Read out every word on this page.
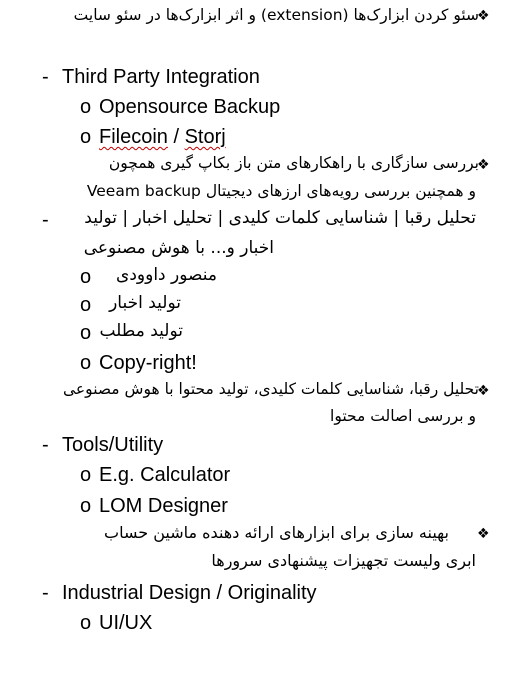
❖
سئو کردن ابزارک‌ها (extension) و اثر ابزارک‌ها در سئو سایت
- Third Party Integration
o Opensource Backup
o Filecoin / Storj
❖
بررسی سازگاری با راهکارهای متن باز بکاپ گیری همچون
Veeam backup و همچنین بررسی رویه‌های ارزهای دیجیتال
- تحلیل رقبا | شناسایی کلمات کلیدی | تحلیل اخبار | تولید
اخبار و... با هوش مصنوعی
o منصور داوودی
o تولید اخبار
o تولید مطلب
o Copy-right!
❖
تحلیل رقبا، شناسایی کلمات کلیدی، تولید محتوا با هوش مصنوعی
و بررسی اصالت محتوا
- Tools/Utility
o E.g. Calculator
o LOM Designer
❖
بهینه سازی برای ابزارهای ارائه دهنده ماشین حساب
ابری ولیست تجهیزات پیشنهادی سرورها
- Industrial Design / Originality
o UI/UX
